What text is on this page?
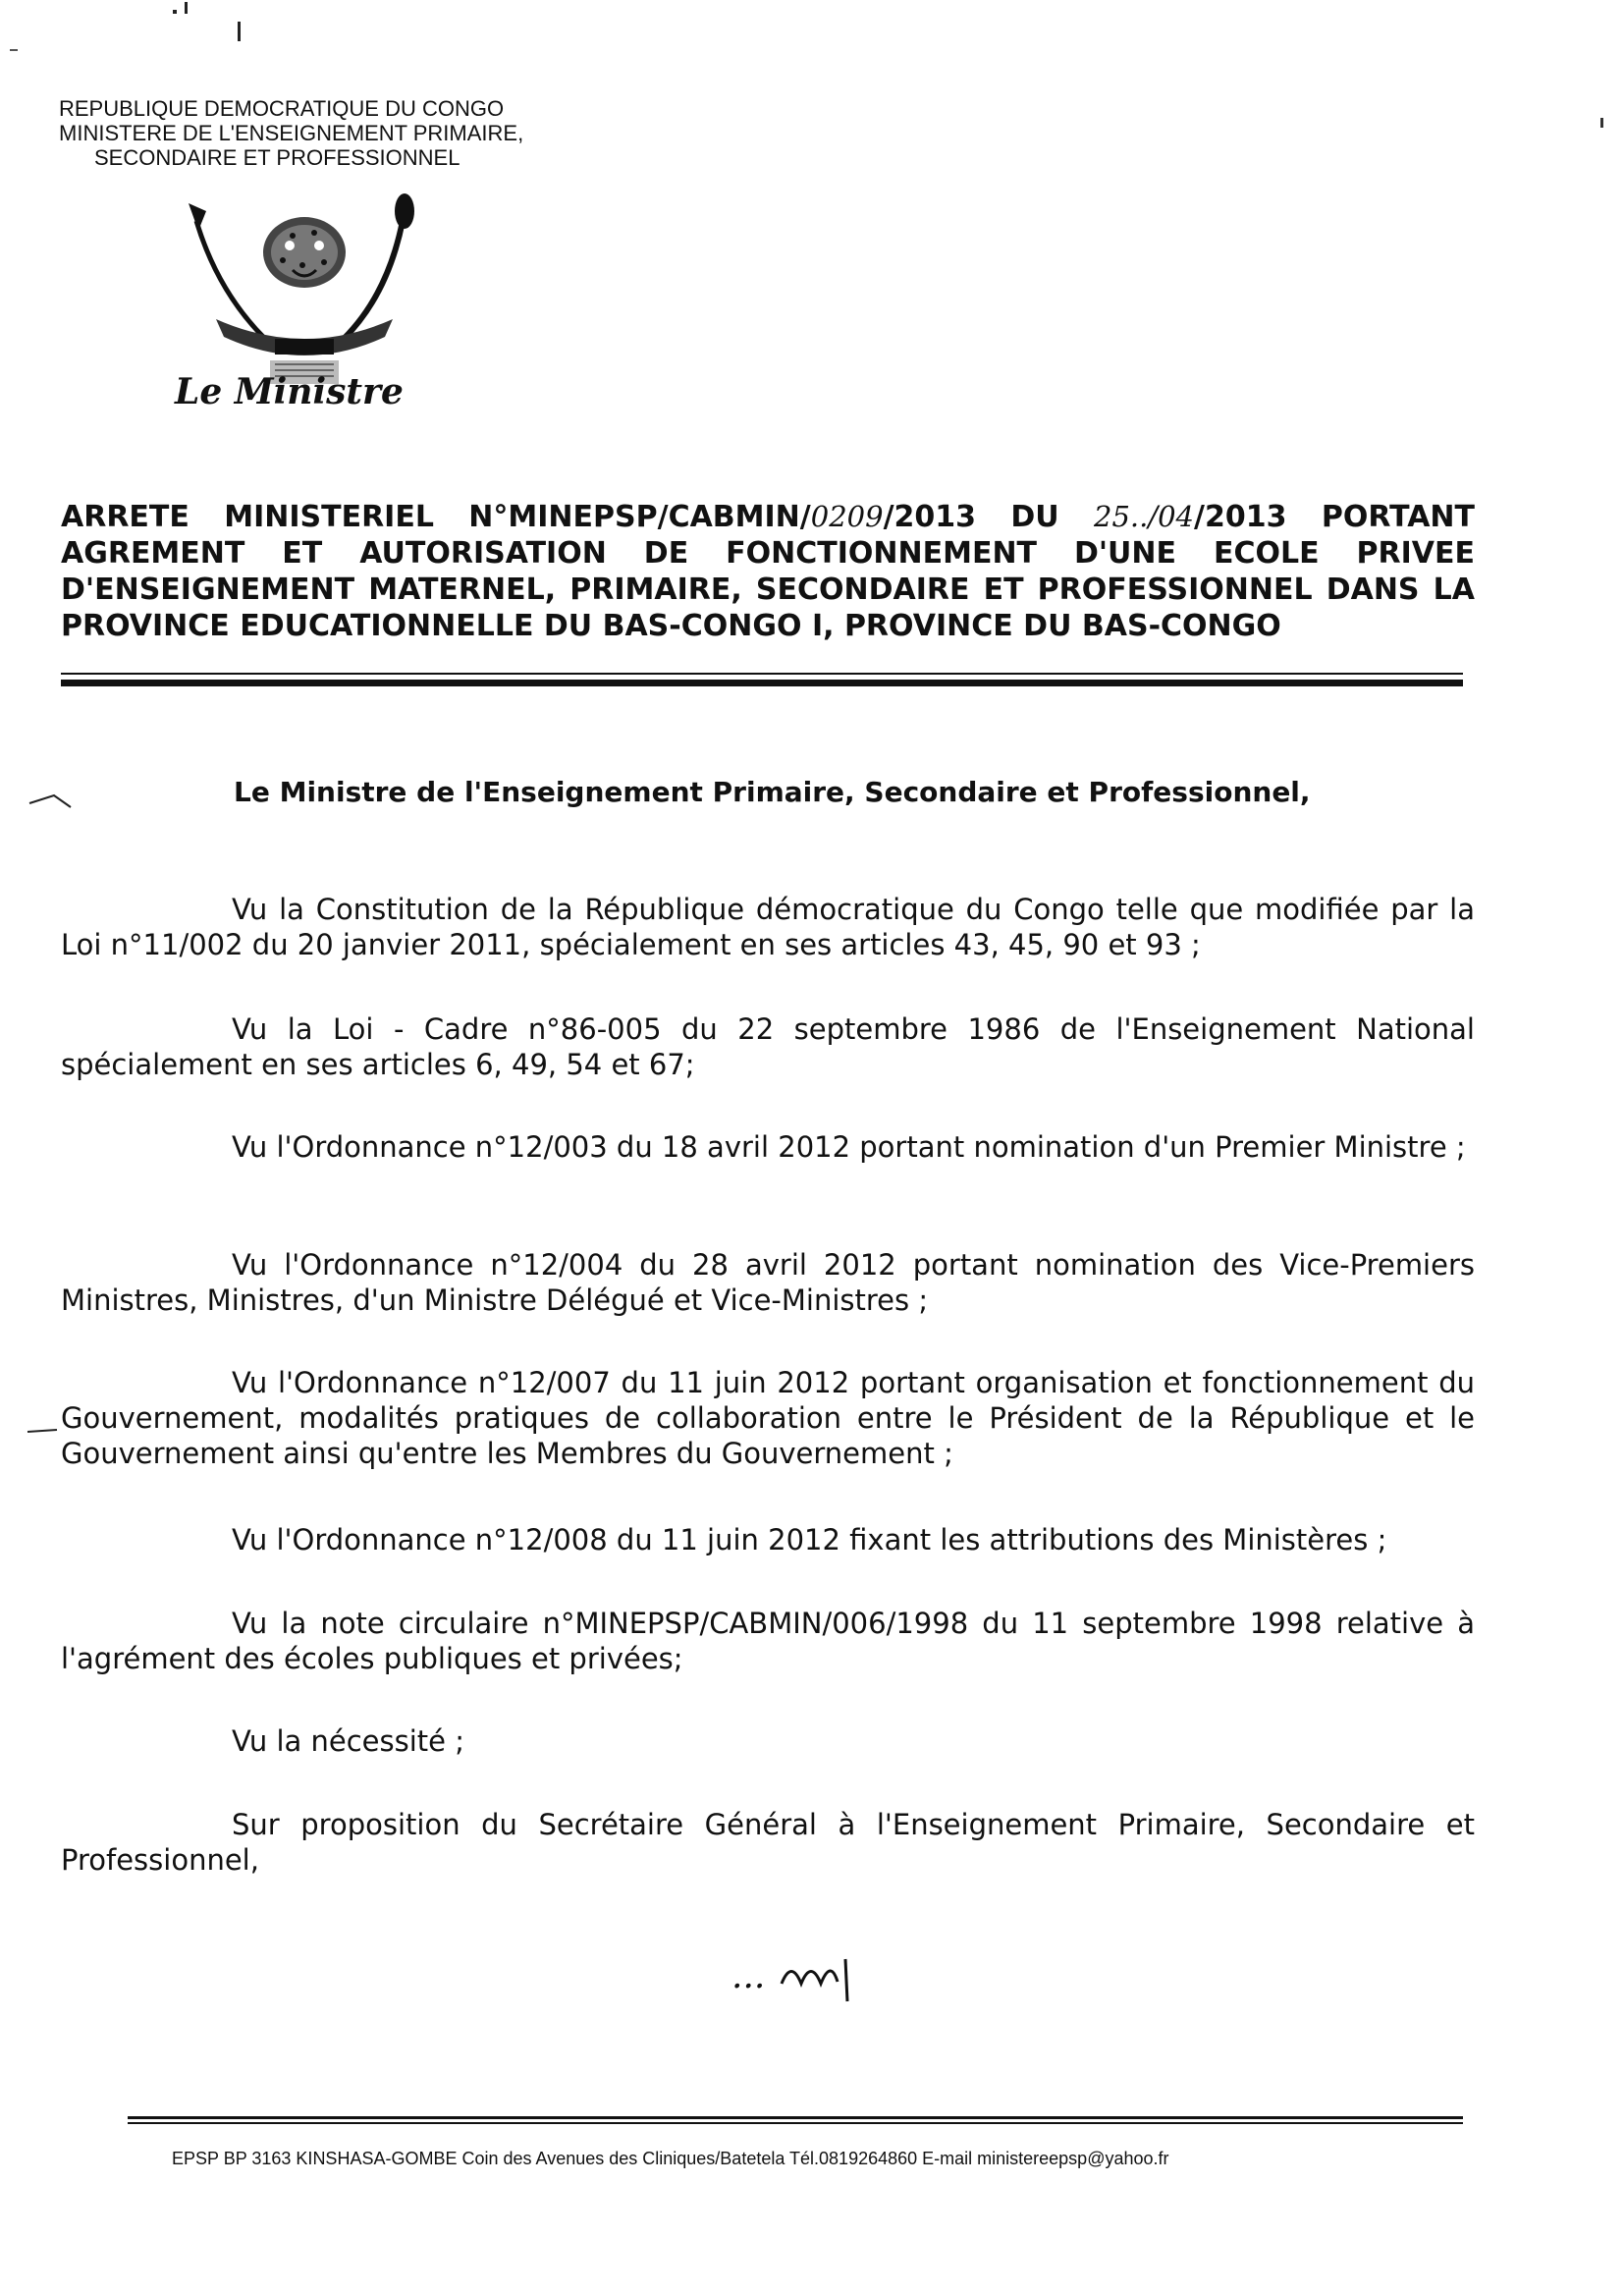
REPUBLIQUE DEMOCRATIQUE DU CONGO
MINISTERE DE L'ENSEIGNEMENT PRIMAIRE,
SECONDAIRE ET PROFESSIONNEL
Le Ministre
ARRETE MINISTERIEL N°MINEPSP/CABMIN/0209/2013 DU 25../04/2013 PORTANT AGREMENT ET AUTORISATION DE FONCTIONNEMENT D'UNE ECOLE PRIVEE D'ENSEIGNEMENT MATERNEL, PRIMAIRE, SECONDAIRE ET PROFESSIONNEL DANS LA PROVINCE EDUCATIONNELLE DU BAS-CONGO I, PROVINCE DU BAS-CONGO
Le Ministre de l'Enseignement Primaire, Secondaire et Professionnel,
Vu la Constitution de la République démocratique du Congo telle que modifiée par la Loi n°11/002 du 20 janvier 2011, spécialement en ses articles 43, 45, 90 et 93 ;
Vu la Loi - Cadre n°86-005 du 22 septembre 1986 de l'Enseignement National spécialement en ses articles 6, 49, 54 et 67;
Vu l'Ordonnance n°12/003 du 18 avril 2012 portant nomination d'un Premier Ministre ;
Vu l'Ordonnance n°12/004 du 28 avril 2012 portant nomination des Vice-Premiers Ministres, Ministres, d'un Ministre Délégué et Vice-Ministres ;
Vu l'Ordonnance n°12/007 du 11 juin 2012 portant organisation et fonctionnement du Gouvernement, modalités pratiques de collaboration entre le Président de la République et le Gouvernement ainsi qu'entre les Membres du Gouvernement ;
Vu l'Ordonnance n°12/008 du 11 juin 2012 fixant les attributions des Ministères ;
Vu la note circulaire n°MINEPSP/CABMIN/006/1998 du 11 septembre 1998 relative à l'agrément des écoles publiques et privées;
Vu la nécessité ;
Sur proposition du Secrétaire Général à l'Enseignement Primaire, Secondaire et Professionnel,
...
EPSP BP 3163 KINSHASA-GOMBE Coin des Avenues des Cliniques/Batetela Tél.0819264860 E-mail ministereepsp@yahoo.fr
